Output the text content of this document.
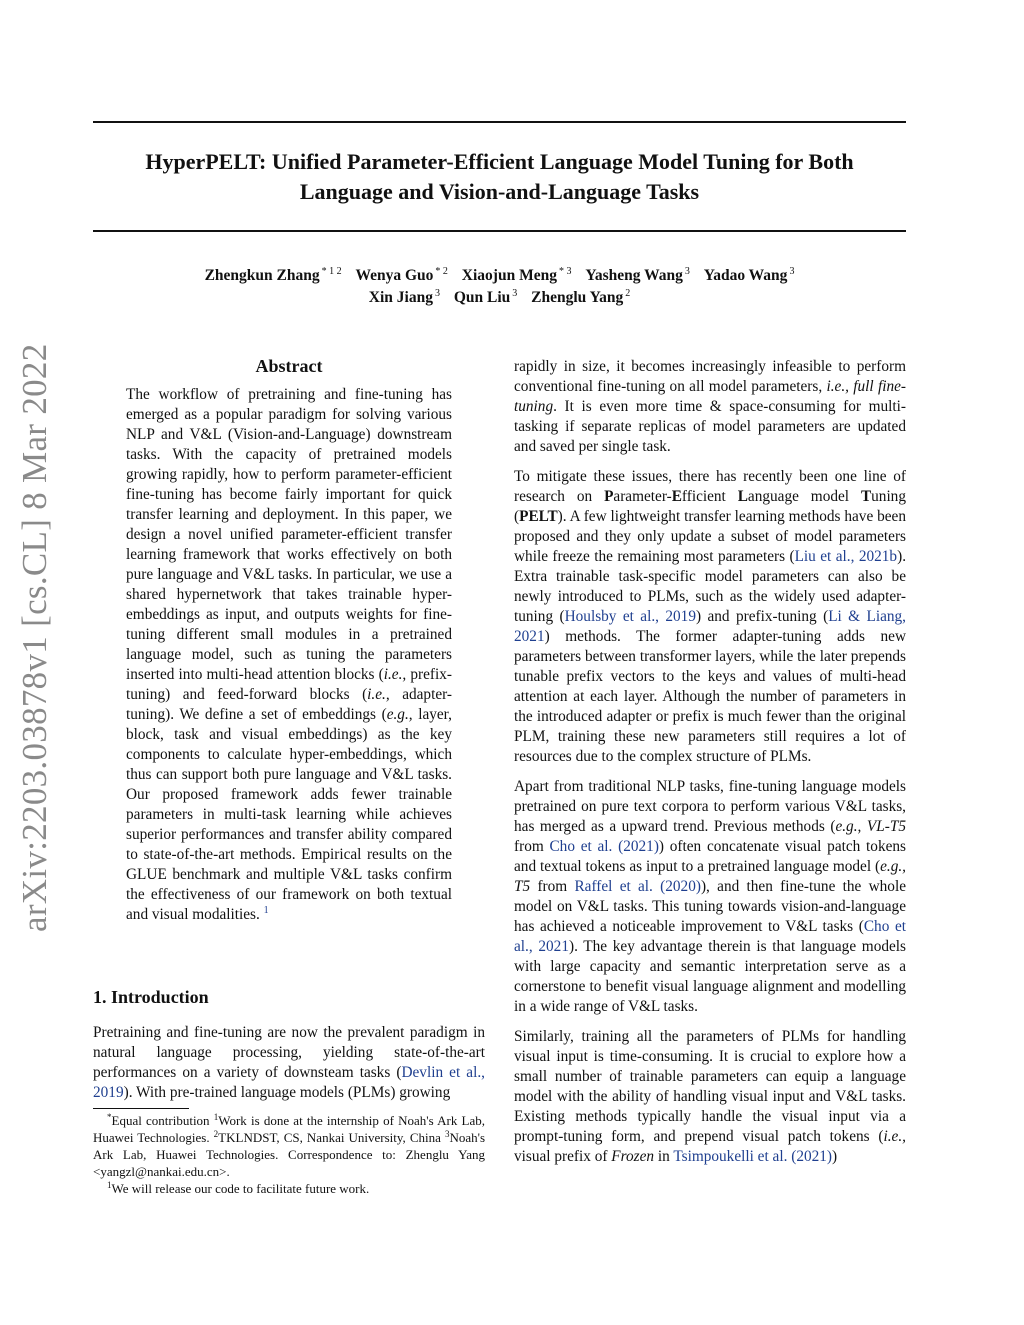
HyperPELT: Unified Parameter-Efficient Language Model Tuning for Both
Language and Vision-and-Language Tasks
Zhengkun Zhang $^{* 1 2}$ Wenya Guo $^{* 2}$ Xiaojun Meng $^{* 3}$ Yasheng Wang $^3$ Yadao Wang $^3$
Xin Jiang $^3$ Qun Liu $^3$ Zhenglu Yang $^2$
arXiv:2203.03878v1 [cs.CL] 8 Mar 2022	Abstract

The workflow of pretraining and fine-tuning has emerged as a popular paradigm for solving various NLP and V&L (Vision-and-Language) downstream tasks. With the capacity of pretrained models growing rapidly, how to perform parameter-efficient fine-tuning has become fairly important for quick transfer learning and deployment. In this paper, we design a novel unified parameter-efficient transfer learning framework that works effectively on both pure language and V&L tasks. In particular, we use a shared hypernetwork that takes trainable hyper-embeddings as input, and outputs weights for fine-tuning different small modules in a pretrained language model, such as tuning the parameters inserted into multi-head attention blocks (i.e., prefix-tuning) and feed-forward blocks (i.e., adapter-tuning). We define a set of embeddings (e.g., layer, block, task and visual embeddings) as the key components to calculate hyper-embeddings, which thus can support both pure language and V&L tasks. Our proposed framework adds fewer trainable parameters in multi-task learning while achieves superior performances and transfer ability compared to state-of-the-art methods. Empirical results on the GLUE benchmark and multiple V&L tasks confirm the effectiveness of our framework on both textual and visual modalities. $^1$

1. Introduction

Pretraining and fine-tuning are now the prevalent paradigm in natural language processing, yielding state-of-the-art performances on a variety of downsteam tasks (Devlin et al., 2019). With pre-trained language models (PLMs) growing

*Equal contribution $^1$Work is done at the internship of Noah's Ark Lab, Huawei Technologies. $^2$TKLNDST, CS, Nankai University, China $^3$Noah's Ark Lab, Huawei Technologies. Correspondence to: Zhenglu Yang <yangzl@nankai.edu.cn>.

$^1$We will release our code to facilitate future work.

rapidly in size, it becomes increasingly infeasible to perform conventional fine-tuning on all model parameters, i.e., full fine-tuning. It is even more time & space-consuming for multi-tasking if separate replicas of model parameters are updated and saved per single task.

To mitigate these issues, there has recently been one line of research on Parameter-Efficient Language model Tuning (PELT). A few lightweight transfer learning methods have been proposed and they only update a subset of model parameters while freeze the remaining most parameters (Liu et al., 2021b). Extra trainable task-specific model parameters can also be newly introduced to PLMs, such as the widely used adapter-tuning (Houlsby et al., 2019) and prefix-tuning (Li & Liang, 2021) methods. The former adapter-tuning adds new parameters between transformer layers, while the later prepends tunable prefix vectors to the keys and values of multi-head attention at each layer. Although the number of parameters in the introduced adapter or prefix is much fewer than the original PLM, training these new parameters still requires a lot of resources due to the complex structure of PLMs.

Apart from traditional NLP tasks, fine-tuning language models pretrained on pure text corpora to perform various V&L tasks, has merged as a upward trend. Previous methods (e.g., VL-T5 from Cho et al. (2021)) often concatenate visual patch tokens and textual tokens as input to a pretrained language model (e.g., T5 from Raffel et al. (2020)), and then fine-tune the whole model on V&L tasks. This tuning towards vision-and-language has achieved a noticeable improvement to V&L tasks (Cho et al., 2021). The key advantage therein is that language models with large capacity and semantic interpretation serve as a cornerstone to benefit visual language alignment and modelling in a wide range of V&L tasks.

Similarly, training all the parameters of PLMs for handling visual input is time-consuming. It is crucial to explore how a small number of trainable parameters can equip a language model with the ability of handling visual input and V&L tasks. Existing methods typically handle the visual input via a prompt-tuning form, and prepend visual patch tokens (i.e., visual prefix of Frozen in Tsimpoukelli et al. (2021))
